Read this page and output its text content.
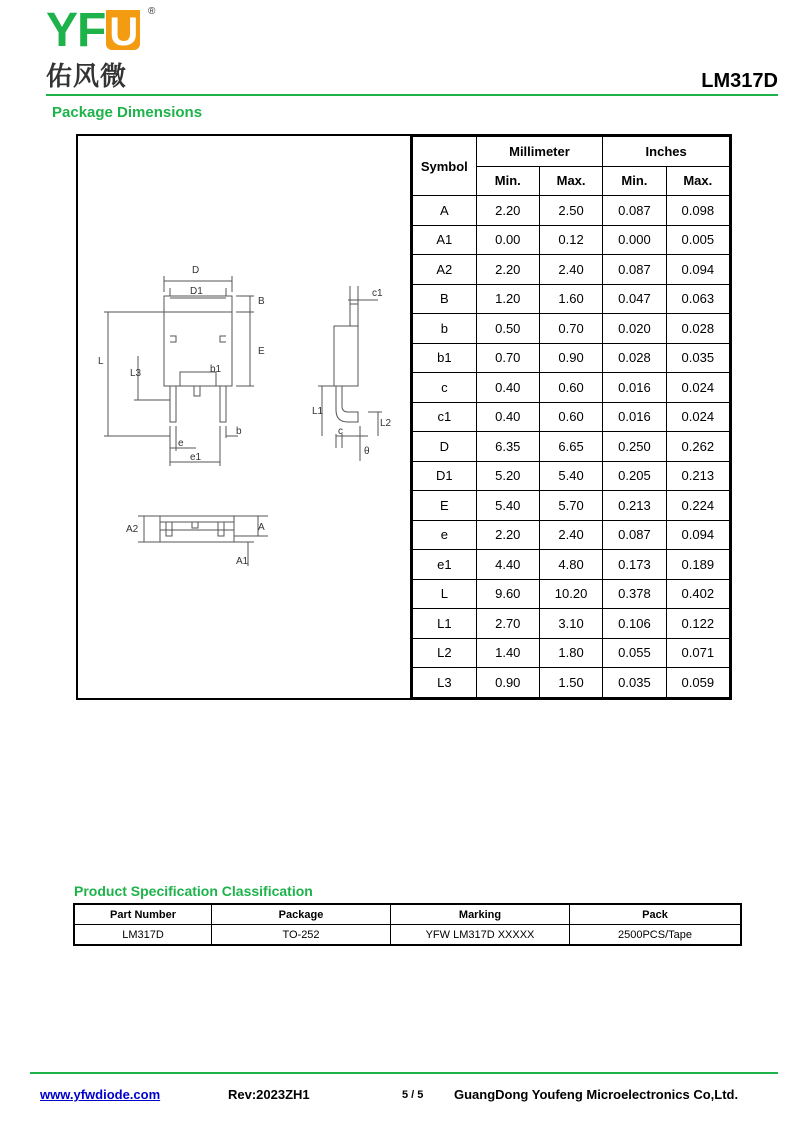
YF U	®
佑风微	LM317D
Package Dimensions
D
D1
B
E
L
L3	b1
e
e1
b
c1
L1
L2
c
θ
A
A1
A2
Symbol	Millimeter		Inches	
	Min.	Max.	Min.	Max.
A	2.20	2.50	0.087	0.098
A1	0.00	0.12	0.000	0.005
A2	2.20	2.40	0.087	0.094
B	1.20	1.60	0.047	0.063
b	0.50	0.70	0.020	0.028
b1	0.70	0.90	0.028	0.035
c	0.40	0.60	0.016	0.024
c1	0.40	0.60	0.016	0.024
D	6.35	6.65	0.250	0.262
D1	5.20	5.40	0.205	0.213
E	5.40	5.70	0.213	0.224
e	2.20	2.40	0.087	0.094
e1	4.40	4.80	0.173	0.189
L	9.60	10.20	0.378	0.402
L1	2.70	3.10	0.106	0.122
L2	1.40	1.80	0.055	0.071
L3	0.90	1.50	0.035	0.059
Product Specification Classification
Part Number	Package	Marking	Pack
LM317D	TO-252	YFW LM317D XXXXX	2500PCS/Tape
www.yfwdiode.com	Rev:2023ZH1	5 / 5 GuangDong Youfeng Microelectronics Co,Ltd.
